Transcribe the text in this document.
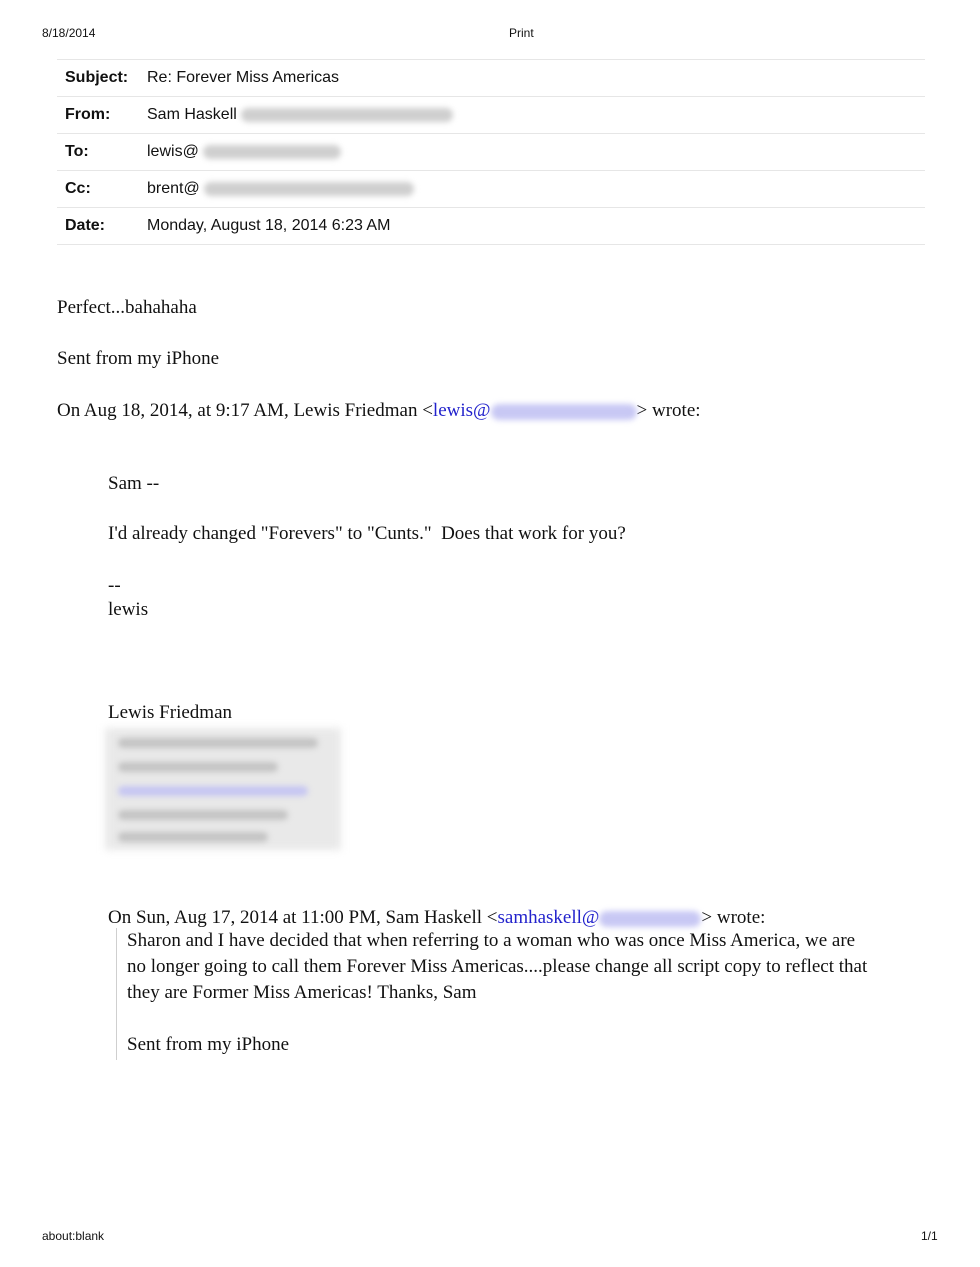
8/18/2014	Print
Subject:	Re: Forever Miss Americas
From:	Sam Haskell
To:	lewis@
Cc:	brent@
Date:	Monday, August 18, 2014 6:23 AM
Perfect...bahahaha
Sent from my iPhone
On Aug 18, 2014, at 9:17 AM, Lewis Friedman <lewis@	> wrote:
Sam --
I'd already changed "Forevers" to "Cunts."  Does that work for you?
--
lewis
Lewis Friedman
On Sun, Aug 17, 2014 at 11:00 PM, Sam Haskell <samhaskell@	> wrote:
Sharon and I have decided that when referring to a woman who was once Miss America, we are
no longer going to call them Forever Miss Americas....please change all script copy to reflect that
they are Former Miss Americas! Thanks, Sam
Sent from my iPhone
about:blank	1/1
